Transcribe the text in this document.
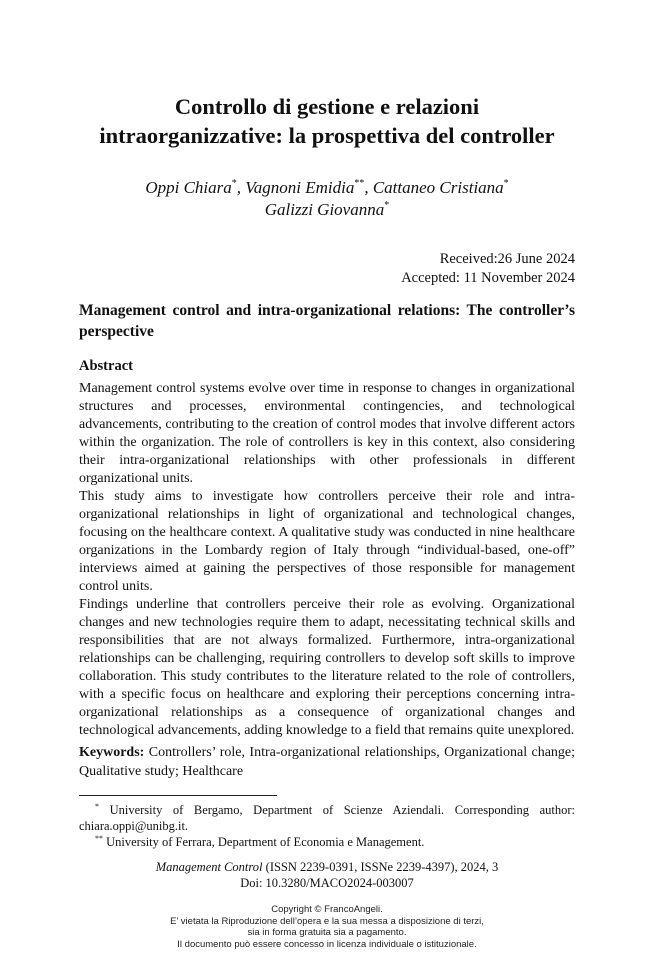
Controllo di gestione e relazioni
intraorganizzative: la prospettiva del controller
Oppi Chiara*, Vagnoni Emidia**, Cattaneo Cristiana*
Galizzi Giovanna*
Received:26 June 2024
Accepted: 11 November 2024
Management control and intra-organizational relations: The controller’s perspective
Abstract

Management control systems evolve over time in response to changes in organizational structures and processes, environmental contingencies, and technological advancements, contributing to the creation of control modes that involve different actors within the organization. The role of controllers is key in this context, also considering their intra-organizational relationships with other professionals in different organizational units.

This study aims to investigate how controllers perceive their role and intra-organizational relationships in light of organizational and technological changes, focusing on the healthcare context. A qualitative study was conducted in nine healthcare organizations in the Lombardy region of Italy through “individual-based, one-off” interviews aimed at gaining the perspectives of those responsible for management control units.

Findings underline that controllers perceive their role as evolving. Organizational changes and new technologies require them to adapt, necessitating technical skills and responsibilities that are not always formalized. Furthermore, intra-organizational relationships can be challenging, requiring controllers to develop soft skills to improve collaboration. This study contributes to the literature related to the role of controllers, with a specific focus on healthcare and exploring their perceptions concerning intra-organizational relationships as a consequence of organizational changes and technological advancements, adding knowledge to a field that remains quite unexplored.

Keywords: Controllers’ role, Intra-organizational relationships, Organizational change; Qualitative study; Healthcare

* University of Bergamo, Department of Scienze Aziendali. Corresponding author: chiara.oppi@unibg.it.

** University of Ferrara, Department of Economia e Management.

Management Control (ISSN 2239-0391, ISSNe 2239-4397), 2024, 3
Doi: 10.3280/MACO2024-003007
Copyright © FrancoAngeli.
E’ vietata la Riproduzione dell’opera e la sua messa a disposizione di terzi,
sia in forma gratuita sia a pagamento.
Il documento può essere concesso in licenza individuale o istituzionale.
